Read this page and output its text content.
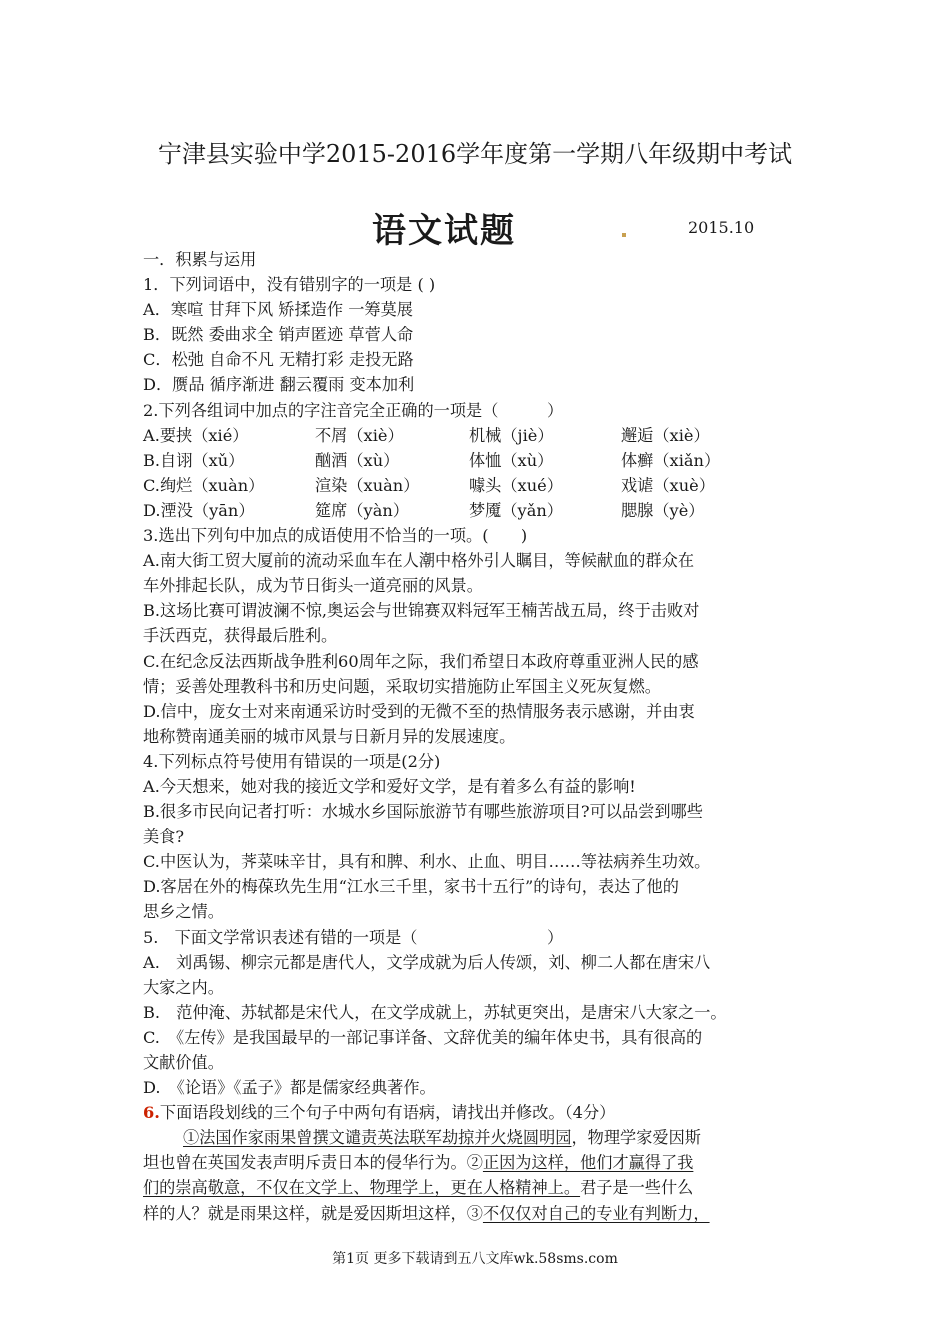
宁津县实验中学2015-2016学年度第一学期八年级期中考试
语文试题	2015.10
一．积累与运用
1．下列词语中，没有错别字的一项是 ( )
A．寒喧 甘拜下风 矫揉造作 一筹莫展
B．既然 委曲求全 销声匿迹 草菅人命
C．松弛 自命不凡 无精打彩 走投无路
D．赝品 循序渐进 翻云覆雨 变本加利
2.下列各组词中加点的字注音完全正确的一项是（　　　）
A.要挟（xié）	不屑（xiè）	机械（jiè）	邂逅（xiè）
B.自诩（xǔ）	酗酒（xù）	体恤（xù）	体癣（xiǎn）
C.绚烂（xuàn）	渲染（xuàn）	噱头（xué）	戏谑（xuè）
D.湮没（yān）	筵席（yàn）	梦魇（yǎn）	腮腺（yè）
3.选出下列句中加点的成语使用不恰当的一项。(　　)
A.南大街工贸大厦前的流动采血车在人潮中格外引人瞩目，等候献血的群众在
车外排起长队，成为节日街头一道亮丽的风景。
B.这场比赛可谓波澜不惊,奥运会与世锦赛双料冠军王楠苦战五局，终于击败对
手沃西克，获得最后胜利。
C.在纪念反法西斯战争胜利60周年之际，我们希望日本政府尊重亚洲人民的感
情；妥善处理教科书和历史问题，采取切实措施防止军国主义死灰复燃。
D.信中，庞女士对来南通采访时受到的无微不至的热情服务表示感谢，并由衷
地称赞南通美丽的城市风景与日新月异的发展速度。
4.下列标点符号使用有错误的一项是(2分)
A.今天想来，她对我的接近文学和爱好文学，是有着多么有益的影响!
B.很多市民向记者打听：水城水乡国际旅游节有哪些旅游项目?可以品尝到哪些
美食?
C.中医认为，荠菜味辛甘，具有和脾、利水、止血、明目……等祛病养生功效。
D.客居在外的梅葆玖先生用“江水三千里，家书十五行”的诗句，表达了他的
思乡之情。
5.　下面文学常识表述有错的一项是（　　　　　　　　）
A.　刘禹锡、柳宗元都是唐代人，文学成就为后人传颂，刘、柳二人都在唐宋八
大家之内。
B.　范仲淹、苏轼都是宋代人，在文学成就上，苏轼更突出，是唐宋八大家之一。
C.　《左传》是我国最早的一部记事详备、文辞优美的编年体史书，具有很高的
文献价值。
D.　《论语》《孟子》都是儒家经典著作。
6.下面语段划线的三个句子中两句有语病，请找出并修改。（4分）
①法国作家雨果曾撰文谴责英法联军劫掠并火烧圆明园，物理学家爱因斯
坦也曾在英国发表声明斥责日本的侵华行为。②正因为这样，他们才赢得了我
们的崇高敬意，不仅在文学上、物理学上，更在人格精神上。君子是一些什么
样的人？就是雨果这样，就是爱因斯坦这样，③不仅仅对自己的专业有判断力，
第1页 更多下载请到五八文库wk.58sms.com
